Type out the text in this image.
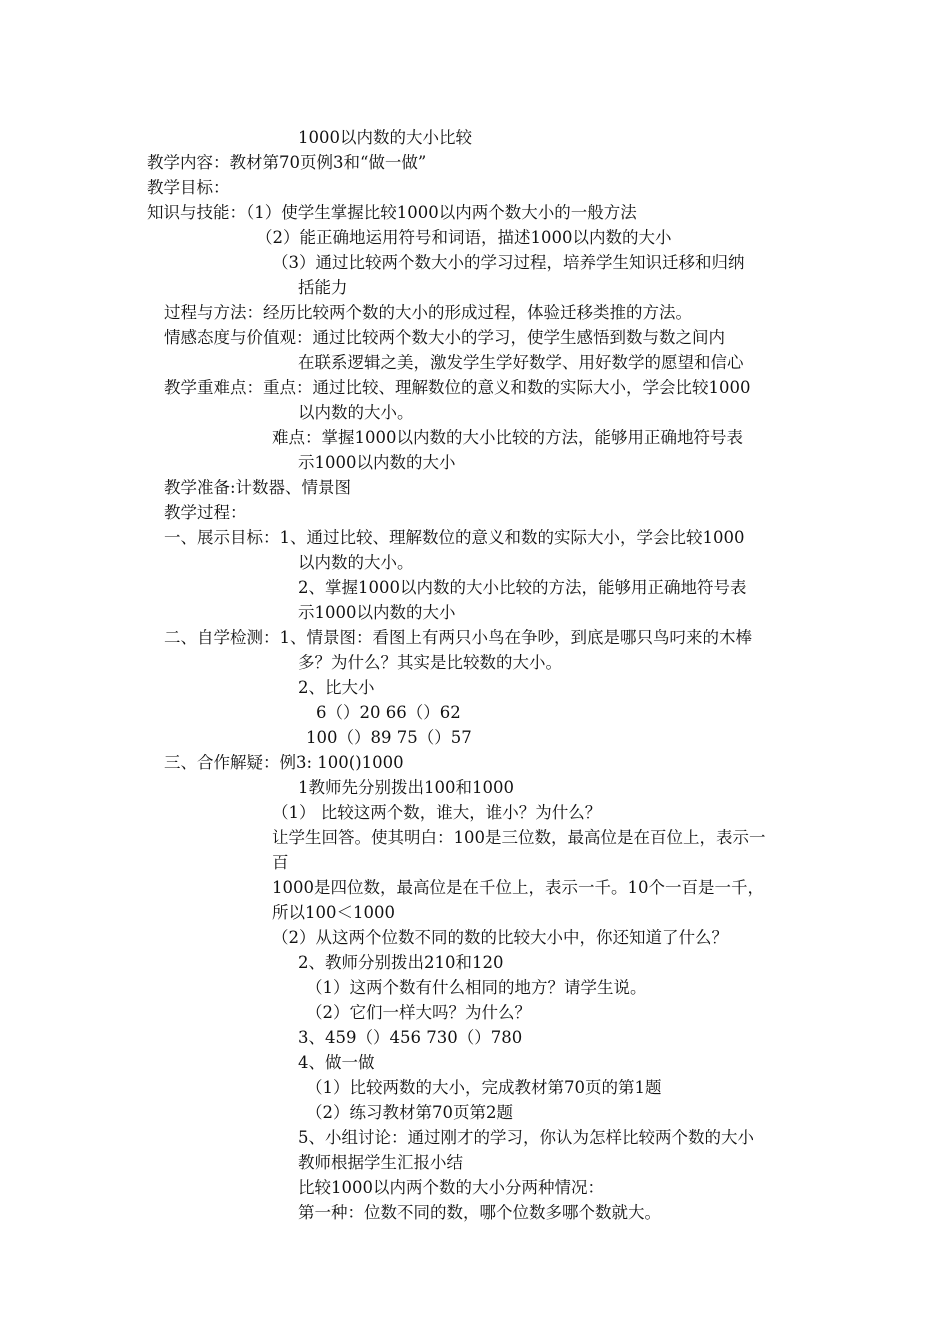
1000以内数的大小比较
教学内容：教材第70页例3和“做一做”
教学目标：
知识与技能：（1）使学生掌握比较1000以内两个数大小的一般方法
（2）能正确地运用符号和词语，描述1000以内数的大小
（3）通过比较两个数大小的学习过程，培养学生知识迁移和归纳
括能力
过程与方法：经历比较两个数的大小的形成过程，体验迁移类推的方法。
情感态度与价值观：通过比较两个数大小的学习，使学生感悟到数与数之间内
在联系逻辑之美，激发学生学好数学、用好数学的愿望和信心
教学重难点：重点：通过比较、理解数位的意义和数的实际大小，学会比较1000
以内数的大小。
难点：掌握1000以内数的大小比较的方法，能够用正确地符号表
示1000以内数的大小
教学准备:计数器、情景图
教学过程：
一、展示目标：1、通过比较、理解数位的意义和数的实际大小，学会比较1000
以内数的大小。
2、掌握1000以内数的大小比较的方法，能够用正确地符号表
示1000以内数的大小
二、自学检测：1、情景图：看图上有两只小鸟在争吵，到底是哪只鸟叼来的木棒
多？为什么？其实是比较数的大小。
2、比大小
6（）20 66（）62
100（）89 75（）57
三、合作解疑：例3: 100()1000
1教师先分别拨出100和1000
（1） 比较这两个数，谁大，谁小？为什么？
让学生回答。使其明白：100是三位数，最高位是在百位上，表示一
百
1000是四位数，最高位是在千位上，表示一千。10个一百是一千，
所以100＜1000
（2）从这两个位数不同的数的比较大小中，你还知道了什么？
2、教师分别拨出210和120
（1）这两个数有什么相同的地方？请学生说。
（2）它们一样大吗？为什么？
3、459（）456 730（）780
4、做一做
（1）比较两数的大小，完成教材第70页的第1题
（2）练习教材第70页第2题
5、小组讨论：通过刚才的学习，你认为怎样比较两个数的大小
教师根据学生汇报小结
比较1000以内两个数的大小分两种情况：
第一种：位数不同的数，哪个位数多哪个数就大。
